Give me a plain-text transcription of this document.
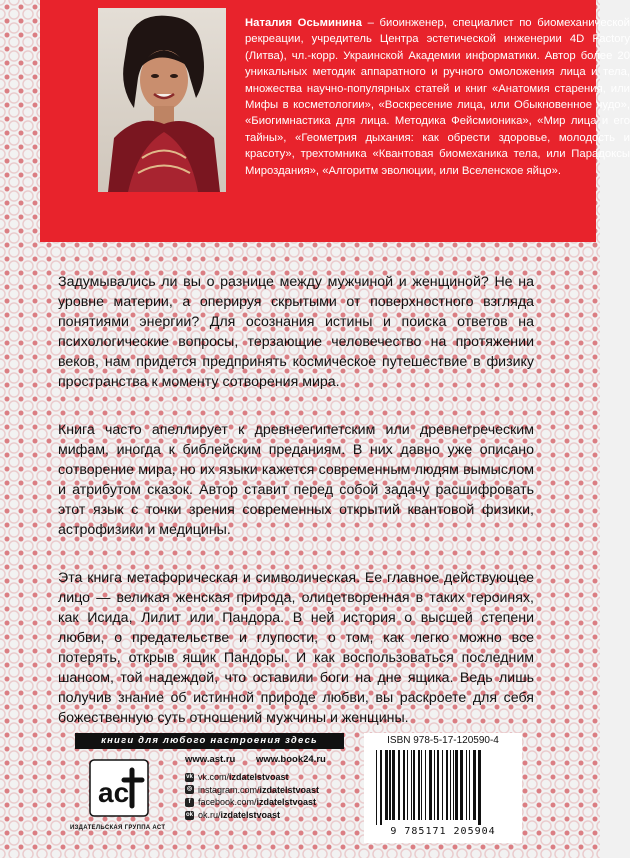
Наталия Осьминина – биоинженер, специалист по биомеханической рекреации, учредитель Центра эстетической инженерии 4D Factory (Литва), чл.-корр. Украинской Академии информатики. Автор более 20 уникальных методик аппаратного и ручного омоложения лица и тела, множества научно-популярных статей и книг «Анатомия старения, или Мифы в косметологии», «Воскресение лица, или Обыкновенное чудо», «Биогимнастика для лица. Методика Фейсмионика», «Мир лица и его тайны», «Геометрия дыхания: как обрести здоровье, молодость и красоту», трехтомника «Квантовая биомеханика тела, или Парадоксы Мироздания», «Алгоритм эволюции, или Вселенское яйцо».

Задумывались ли вы о разнице между мужчиной и женщиной? Не на уровне материи, а оперируя скрытыми от поверхностного взгляда понятиями энергии? Для осознания истины и поиска ответов на психологические вопросы, терзающие человечество на протяжении веков, нам придется предпринять космическое путешествие в физику пространства к моменту сотворения мира.

Книга часто апеллирует к древнеегипетским или древнегреческим мифам, иногда к библейским преданиям. В них давно уже описано сотворение мира, но их языки кажется современным людям вымыслом и атрибутом сказок. Автор ставит перед собой задачу расшифровать этот язык с точки зрения современных открытий квантовой физики, астрофизики и медицины.

Эта книга метафорическая и символическая. Ее главное действующее лицо — великая женская природа, олицетворенная в таких героинях, как Исида, Лилит или Пандора. В ней история о высшей степени любви, о предательстве и глупости, о том, как легко можно все потерять, открыв ящик Пандоры. И как воспользоваться последним шансом, той надеждой, что оставили боги на дне ящика. Ведь лишь получив знание об истинной природе любви, вы раскроете для себя божественную суть отношений мужчины и женщины.

книги для любого настроения здесь
ас
ИЗДАТЕЛЬСКАЯ ГРУППА АСТ
www.ast.ru www.book24.ru
vk vk.com/ izdatelstvoast
◎ instagram.com/ izdatelstvoast
f facebook.com/ izdatelstvoast
ok ok.ru/ izdatelstvoast
ISBN 978-5-17-120590-4
9 785171 205904
